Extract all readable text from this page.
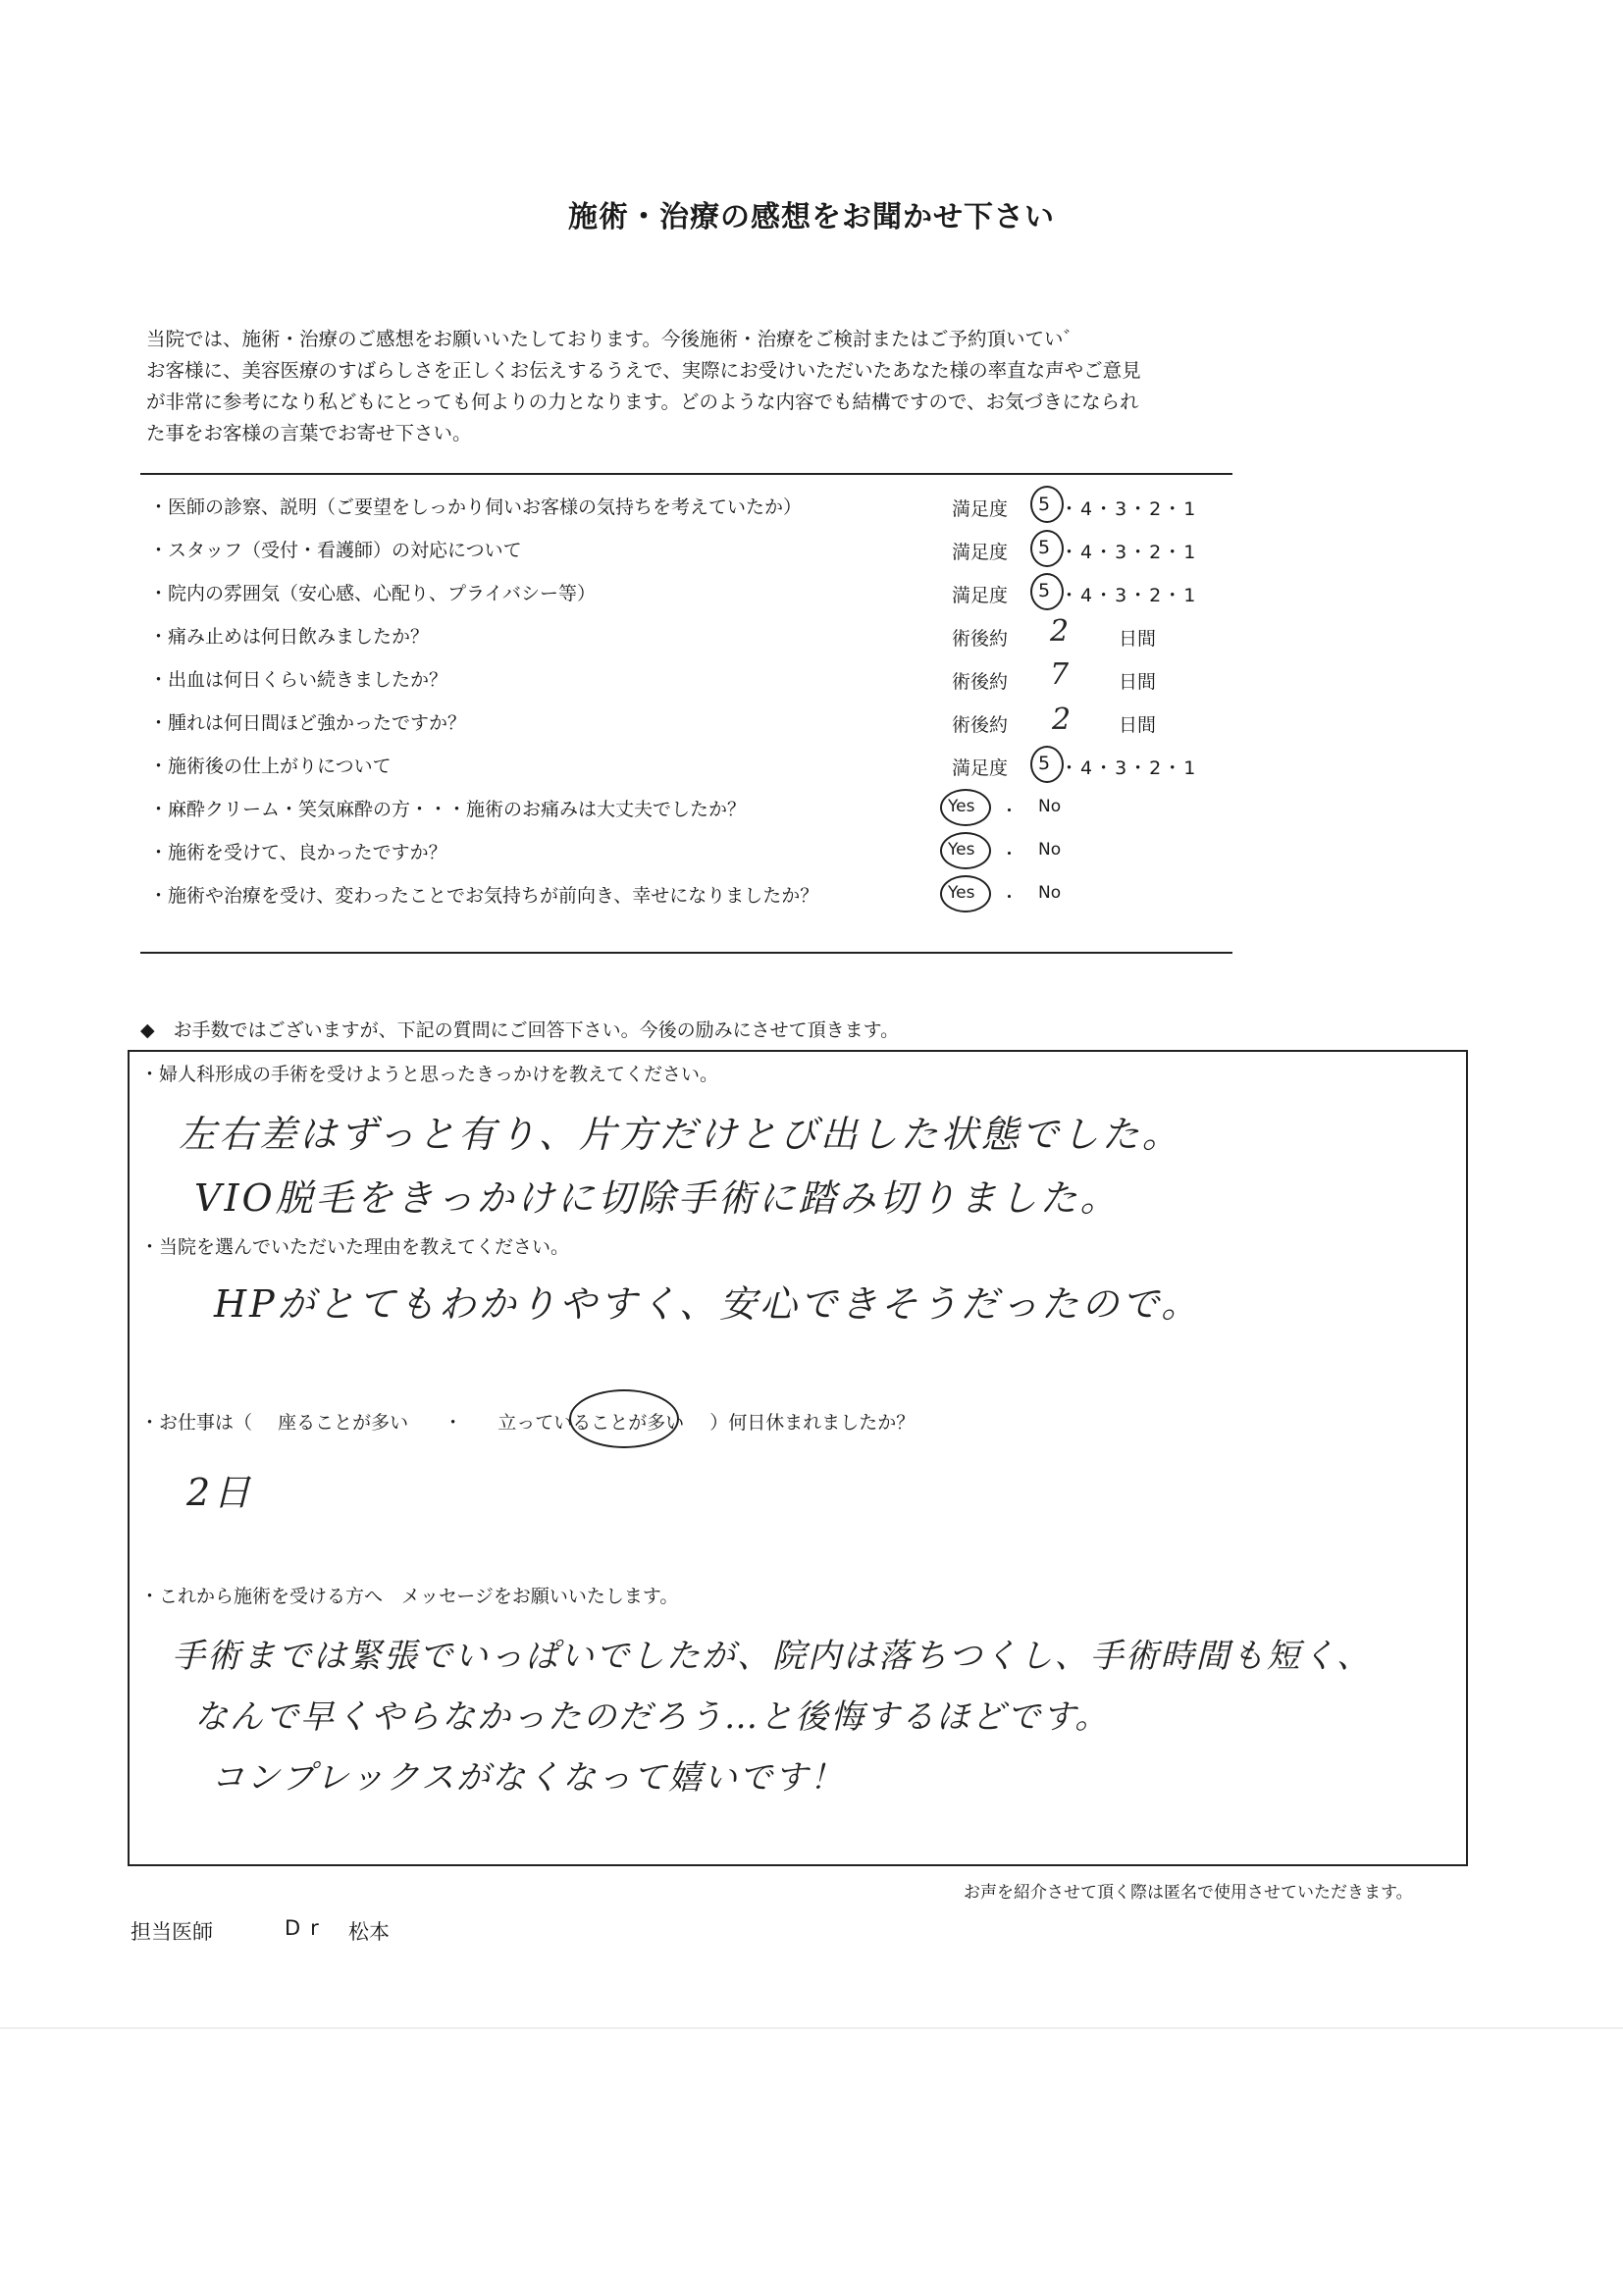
施術・治療の感想をお聞かせ下さい
当院では、施術・治療のご感想をお願いいたしております。今後施術・治療をご検討またはご予約頂いてい゛
お客様に、美容医療のすばらしさを正しくお伝えするうえで、実際にお受けいただいたあなた様の率直な声やご意見
が非常に参考になり私どもにとっても何よりの力となります。どのような内容でも結構ですので、お気づきになられ
た事をお客様の言葉でお寄せ下さい。
・医師の診察、説明（ご要望をしっかり伺いお客様の気持ちを考えていたか）	満足度 5 ・4・3・2・1
・スタッフ（受付・看護師）の対応について	満足度 5 ・4・3・2・1
・院内の雰囲気（安心感、心配り、プライバシー等）	満足度 5 ・4・3・2・1
・痛み止めは何日飲みましたか？	術後約 2	日間
・出血は何日くらい続きましたか？	術後約 7	日間
・腫れは何日間ほど強かったですか？	術後約 2	日間
・施術後の仕上がりについて	満足度 5 ・4・3・2・1
・麻酔クリーム・笑気麻酔の方・・・施術のお痛みは大丈夫でしたか？	Yes ・ No
・施術を受けて、良かったですか？	Yes ・ No
・施術や治療を受け、変わったことでお気持ちが前向き、幸せになりましたか？	Yes ・ No
◆　お手数ではございますが、下記の質問にご回答下さい。今後の励みにさせて頂きます。
・婦人科形成の手術を受けようと思ったきっかけを教えてください。
左右差はずっと有り、片方だけとび出した状態でした。
VIO脱毛をきっかけに切除手術に踏み切りました。
・当院を選んでいただいた理由を教えてください。
HPがとてもわかりやすく、安心できそうだったので。
・お仕事は（ 座ることが多い ・ 立っていることが多い ）何日休まれましたか？
2日
・これから施術を受ける方へ　メッセージをお願いいたします。
手術までは緊張でいっぱいでしたが、院内は落ちつくし、手術時間も短く、
なんで早くやらなかったのだろう…と後悔するほどです。
コンプレックスがなくなって嬉いです！
お声を紹介させて頂く際は匿名で使用させていただきます。
担当医師	Dr 松本
